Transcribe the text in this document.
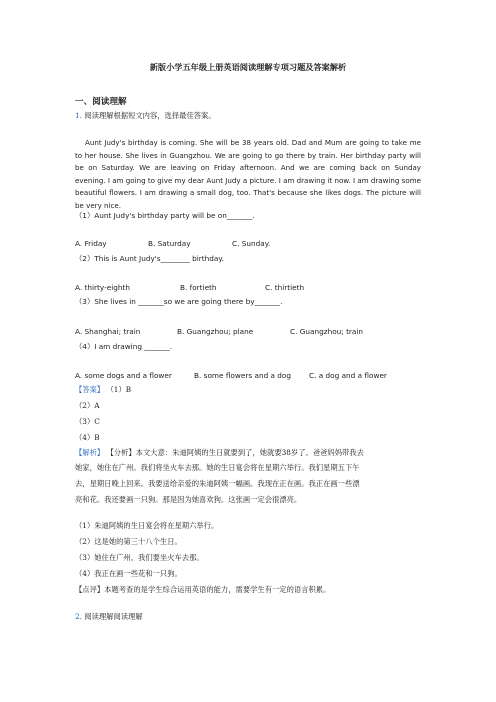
新版小学五年级上册英语阅读理解专项习题及答案解析
一、阅读理解
1. 阅读理解根据短文内容，选择最佳答案。
Aunt Judy's birthday is coming. She will be 38 years old. Dad and Mum are going to take me to her house. She lives in Guangzhou. We are going to go there by train. Her birthday party will be on Saturday. We are leaving on Friday afternoon. And we are coming back on Sunday evening. I am going to give my dear Aunt Judy a picture. I am drawing it now. I am drawing some beautiful flowers. I am drawing a small dog, too. That's because she likes dogs. The picture will be very nice.
（1）Aunt Judy's birthday party will be on_______.
A. Friday	B. Saturday	C. Sunday.
（2）This is Aunt Judy's________ birthday.
A. thirty-eighth	B. fortieth	C. thirtieth
（3）She lives in _______so we are going there by_______.
A. Shanghai; train	B. Guangzhou; plane	C. Guangzhou; train
（4）I am drawing _______.
A. some dogs and a flower	B. some flowers and a dog C. a dog and a flower
【答案】 （1）B
（2）A
（3）C
（4）B
【解析】 【分析】本文大意：朱迪阿姨的生日就要到了，她就要38岁了。爸爸妈妈带我去
她家，她住在广州。我们将坐火车去那。她的生日宴会将在星期六举行。我们星期五下午
去，星期日晚上回来。我要送给亲爱的朱迪阿姨一幅画。我现在正在画。我正在画一些漂
亮和花。我还要画一只狗。那是因为她喜欢狗。这张画一定会很漂亮。
（1）朱迪阿姨的生日宴会将在星期六举行。
（2）这是她的第三十八个生日。
（3）她住在广州。我们要坐火车去那。
（4）我正在画一些花和一只狗。
【点评】本题考查的是学生综合运用英语的能力，需要学生有一定的语言积累。
2. 阅读理解阅读理解
